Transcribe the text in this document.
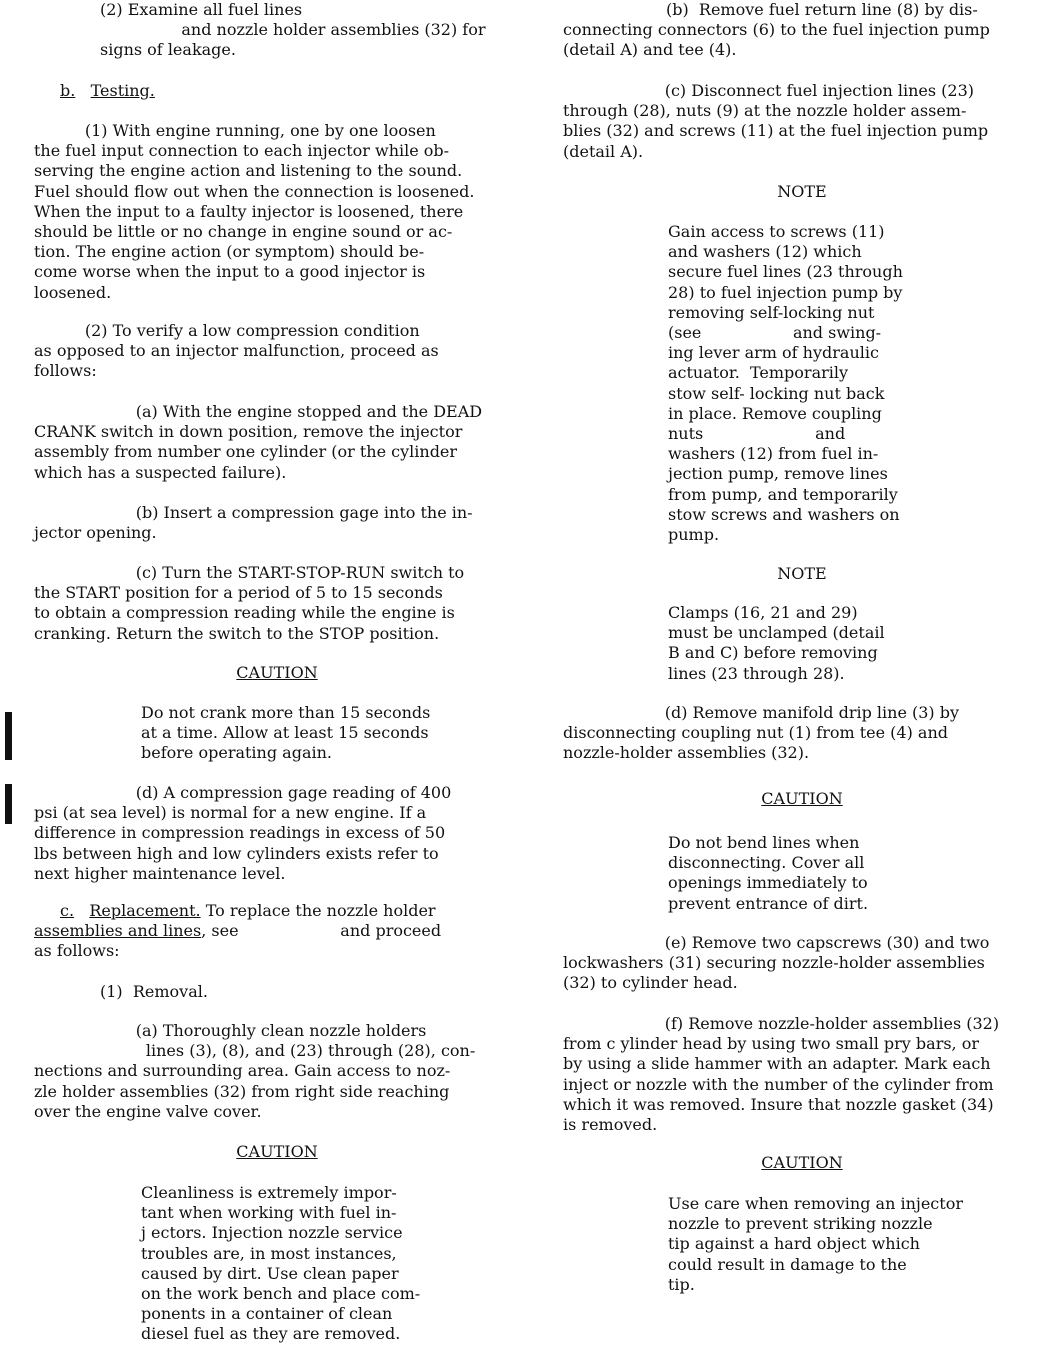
(2) Examine all fuel lines
and nozzle holder assemblies (32) for
signs of leakage.
b. Testing.
(1) With engine running, one by one loosen
the fuel input connection to each injector while ob-
serving the engine action and listening to the sound.
Fuel should flow out when the connection is loosened.
When the input to a faulty injector is loosened, there
should be little or no change in engine sound or ac-
tion. The engine action (or symptom) should be-
come worse when the input to a good injector is
loosened.
(2) To verify a low compression condition
as opposed to an injector malfunction, proceed as
follows:
(a) With the engine stopped and the DEAD
CRANK switch in down position, remove the injector
assembly from number one cylinder (or the cylinder
which has a suspected failure).
(b) Insert a compression gage into the in-
jector opening.
(c) Turn the START-STOP-RUN switch to
the START position for a period of 5 to 15 seconds
to obtain a compression reading while the engine is
cranking. Return the switch to the STOP position.
CAUTION
Do not crank more than 15 seconds
at a time. Allow at least 15 seconds
before operating again.
(d) A compression gage reading of 400
psi (at sea level) is normal for a new engine. If a
difference in compression readings in excess of 50
lbs between high and low cylinders exists refer to
next higher maintenance level.
c. Replacement. To replace the nozzle holder
assemblies and lines, see                    and proceed
as follows:
(1)  Removal.
(a) Thoroughly clean nozzle holders
lines (3), (8), and (23) through (28), con-
nections and surrounding area. Gain access to noz-
zle holder assemblies (32) from right side reaching
over the engine valve cover.
CAUTION
Cleanliness is extremely impor-
tant when working with fuel in-
j ectors. Injection nozzle service
troubles are, in most instances,
caused by dirt. Use clean paper
on the work bench and place com-
ponents in a container of clean
diesel fuel as they are removed.
(b)  Remove fuel return line (8) by dis-
connecting connectors (6) to the fuel injection pump
(detail A) and tee (4).
(c) Disconnect fuel injection lines (23)
through (28), nuts (9) at the nozzle holder assem-
blies (32) and screws (11) at the fuel injection pump
(detail A).
NOTE
Gain access to screws (11)
and washers (12) which
secure fuel lines (23 through
28) to fuel injection pump by
removing self-locking nut
(see                  and swing-
ing lever arm of hydraulic
actuator.  Temporarily
stow self- locking nut back
in place. Remove coupling
nuts                      and
washers (12) from fuel in-
jection pump, remove lines
from pump, and temporarily
stow screws and washers on
pump.
NOTE
Clamps (16, 21 and 29)
must be unclamped (detail
B and C) before removing
lines (23 through 28).
(d) Remove manifold drip line (3) by
disconnecting coupling nut (1) from tee (4) and
nozzle-holder assemblies (32).
CAUTION
Do not bend lines when
disconnecting. Cover all
openings immediately to
prevent entrance of dirt.
(e) Remove two capscrews (30) and two
lockwashers (31) securing nozzle-holder assemblies
(32) to cylinder head.
(f) Remove nozzle-holder assemblies (32)
from c ylinder head by using two small pry bars, or
by using a slide hammer with an adapter. Mark each
inject or nozzle with the number of the cylinder from
which it was removed. Insure that nozzle gasket (34)
is removed.
CAUTION
Use care when removing an injector
nozzle to prevent striking nozzle
tip against a hard object which
could result in damage to the
tip.
